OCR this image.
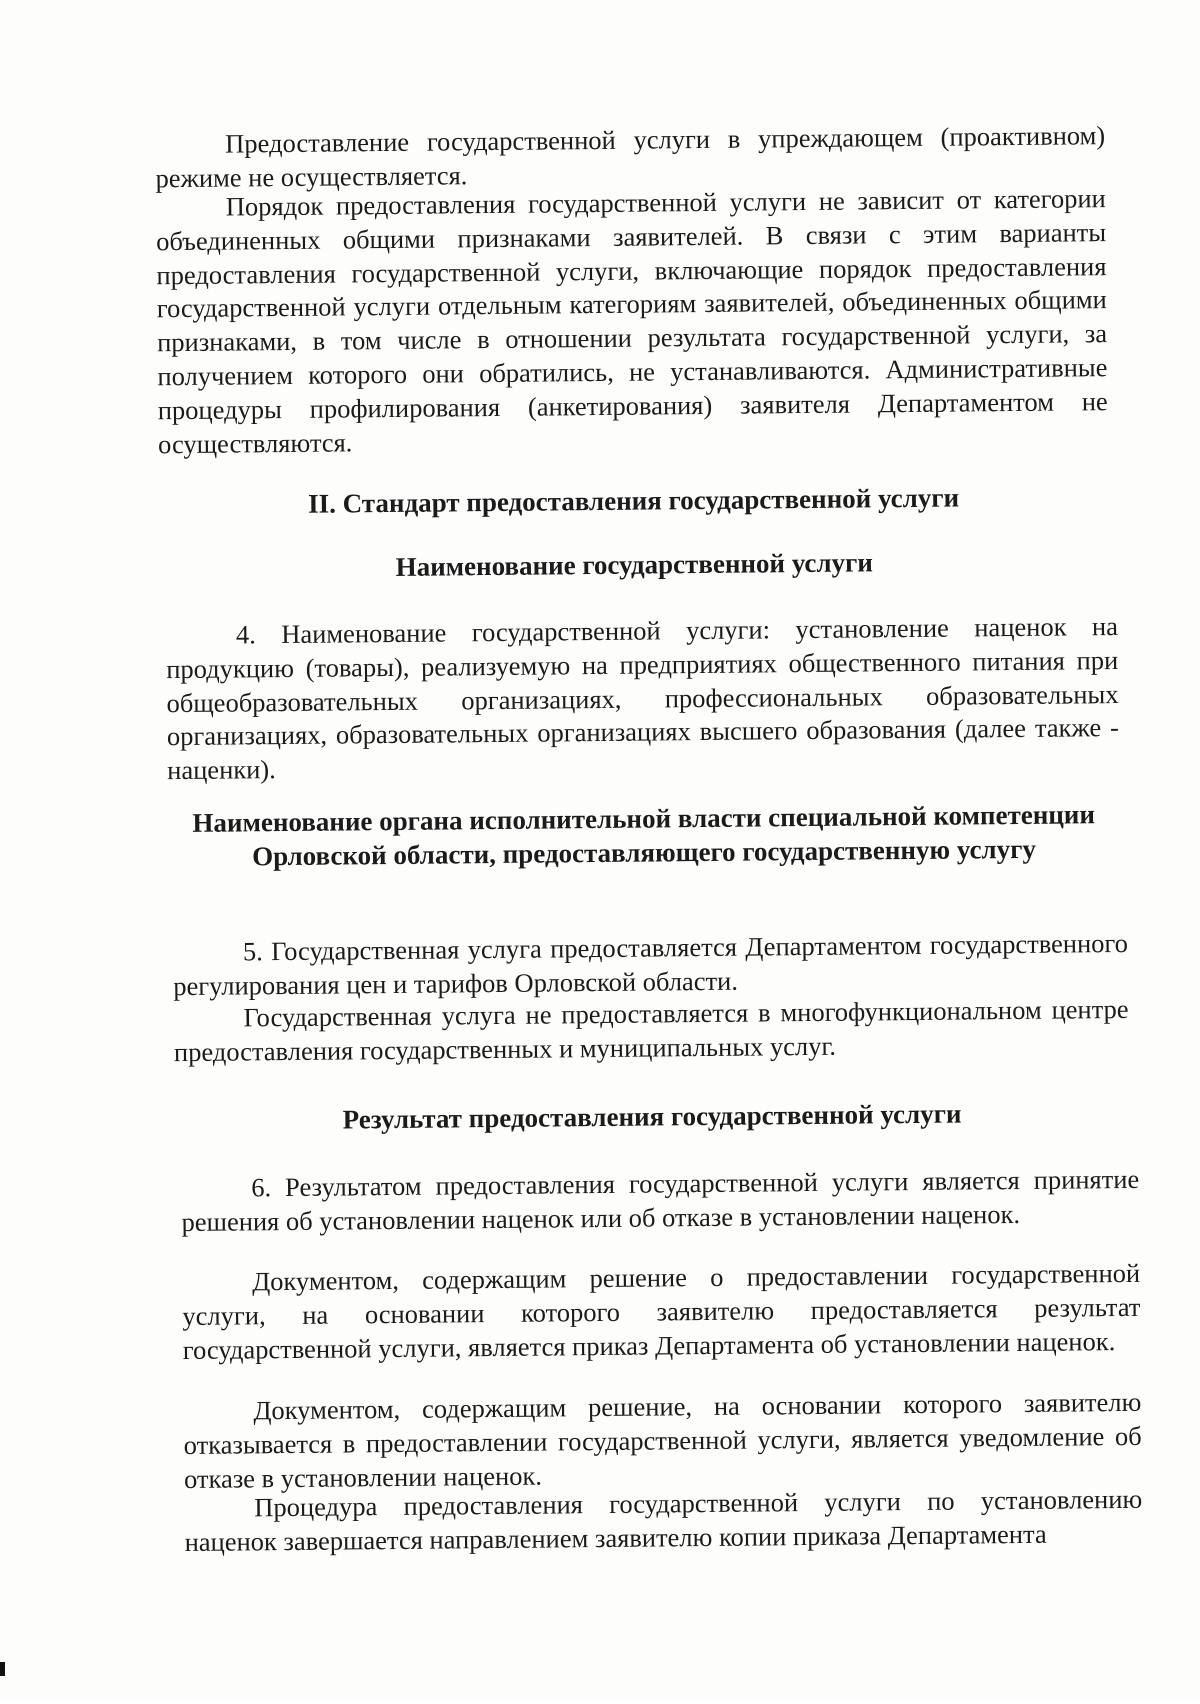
Предоставление государственной услуги в упреждающем (проактивном) режиме не осуществляется.

Порядок предоставления государственной услуги не зависит от категории объединенных общими признаками заявителей. В связи с этим варианты предоставления государственной услуги, включающие порядок предоставления государственной услуги отдельным категориям заявителей, объединенных общими признаками, в том числе в отношении результата государственной услуги, за получением которого они обратились, не устанавливаются. Административные процедуры профилирования (анкетирования) заявителя Департаментом не осуществляются.

II. Стандарт предоставления государственной услуги

Наименование государственной услуги

4. Наименование государственной услуги: установление наценок на продукцию (товары), реализуемую на предприятиях общественного питания при общеобразовательных организациях, профессиональных образовательных организациях, образовательных организациях высшего образования (далее также - наценки).

Наименование органа исполнительной власти специальной компетенции Орловской области, предоставляющего государственную услугу

5. Государственная услуга предоставляется Департаментом государственного регулирования цен и тарифов Орловской области.

Государственная услуга не предоставляется в многофункциональном центре предоставления государственных и муниципальных услуг.

Результат предоставления государственной услуги

6. Результатом предоставления государственной услуги является принятие решения об установлении наценок или об отказе в установлении наценок.

Документом, содержащим решение о предоставлении государственной услуги, на основании которого заявителю предоставляется результат государственной услуги, является приказ Департамента об установлении наценок.

Документом, содержащим решение, на основании которого заявителю отказывается в предоставлении государственной услуги, является уведомление об отказе в установлении наценок.

Процедура предоставления государственной услуги по установлению наценок завершается направлением заявителю копии приказа Департамента
